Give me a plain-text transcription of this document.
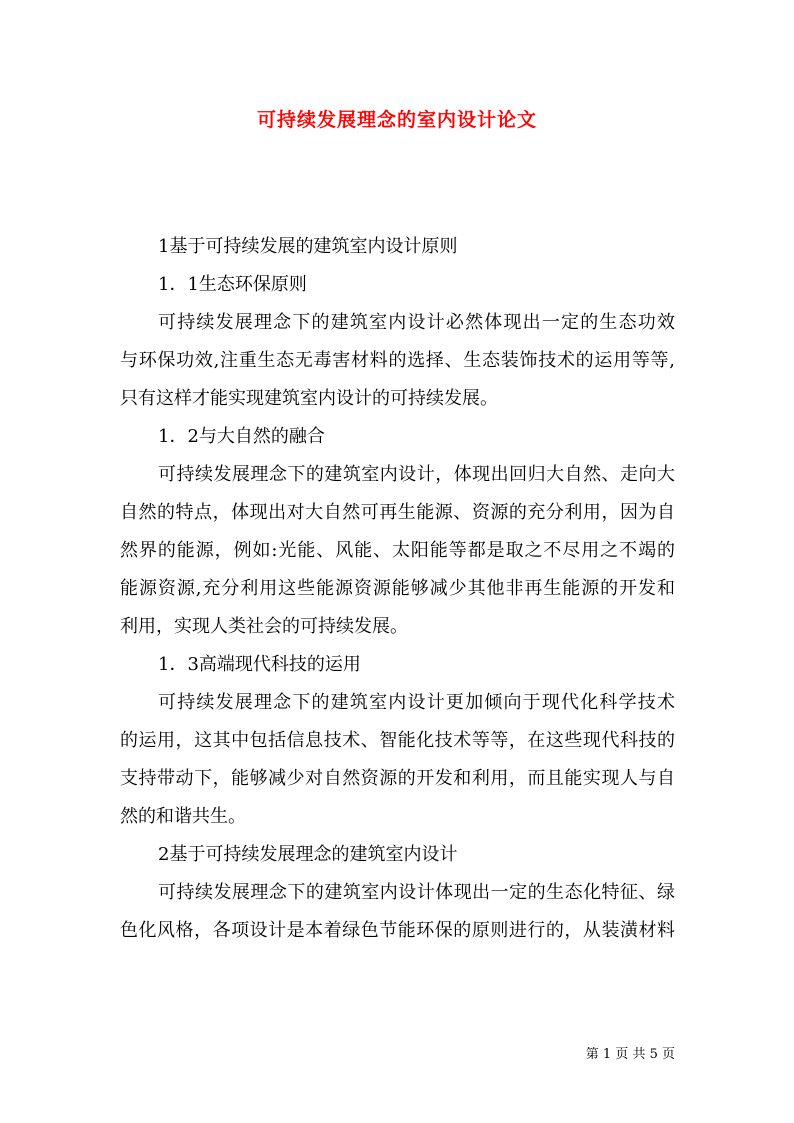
可持续发展理念的室内设计论文
1基于可持续发展的建筑室内设计原则
1．1生态环保原则
可持续发展理念下的建筑室内设计必然体现出一定的生态功效
与环保功效,注重生态无毒害材料的选择、生态装饰技术的运用等等,
只有这样才能实现建筑室内设计的可持续发展。
1．2与大自然的融合
可持续发展理念下的建筑室内设计，体现出回归大自然、走向大
自然的特点，体现出对大自然可再生能源、资源的充分利用，因为自
然界的能源，例如:光能、风能、太阳能等都是取之不尽用之不竭的
能源资源,充分利用这些能源资源能够减少其他非再生能源的开发和
利用，实现人类社会的可持续发展。
1．3高端现代科技的运用
可持续发展理念下的建筑室内设计更加倾向于现代化科学技术
的运用，这其中包括信息技术、智能化技术等等，在这些现代科技的
支持带动下，能够减少对自然资源的开发和利用，而且能实现人与自
然的和谐共生。
2基于可持续发展理念的建筑室内设计
可持续发展理念下的建筑室内设计体现出一定的生态化特征、绿
色化风格，各项设计是本着绿色节能环保的原则进行的，从装潢材料
第 1 页 共 5 页
